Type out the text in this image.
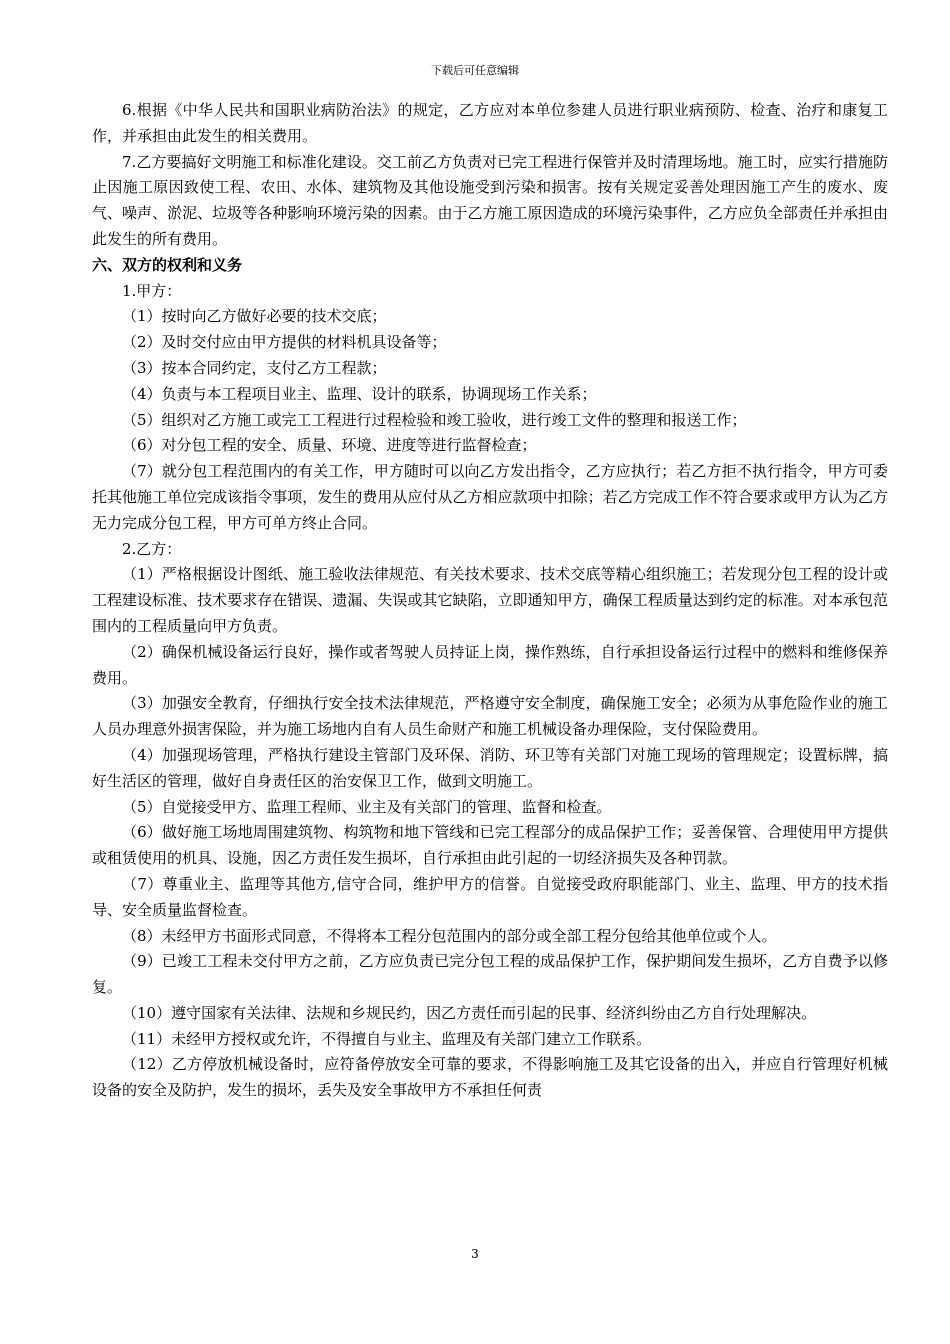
下载后可任意编辑

6.根据《中华人民共和国职业病防治法》的规定，乙方应对本单位参建人员进行职业病预防、检查、治疗和康复工作，并承担由此发生的相关费用。

7.乙方要搞好文明施工和标准化建设。交工前乙方负责对已完工程进行保管并及时清理场地。施工时，应实行措施防止因施工原因致使工程、农田、水体、建筑物及其他设施受到污染和损害。按有关规定妥善处理因施工产生的废水、废气、噪声、淤泥、垃圾等各种影响环境污染的因素。由于乙方施工原因造成的环境污染事件，乙方应负全部责任并承担由此发生的所有费用。

六、双方的权利和义务

1.甲方：

（1）按时向乙方做好必要的技术交底；

（2）及时交付应由甲方提供的材料机具设备等；

（3）按本合同约定，支付乙方工程款；

（4）负责与本工程项目业主、监理、设计的联系，协调现场工作关系；

（5）组织对乙方施工或完工工程进行过程检验和竣工验收，进行竣工文件的整理和报送工作；

（6）对分包工程的安全、质量、环境、进度等进行监督检查；

（7）就分包工程范围内的有关工作，甲方随时可以向乙方发出指令，乙方应执行；若乙方拒不执行指令，甲方可委托其他施工单位完成该指令事项，发生的费用从应付从乙方相应款项中扣除；若乙方完成工作不符合要求或甲方认为乙方无力完成分包工程，甲方可单方终止合同。

2.乙方：

（1）严格根据设计图纸、施工验收法律规范、有关技术要求、技术交底等精心组织施工；若发现分包工程的设计或工程建设标准、技术要求存在错误、遗漏、失误或其它缺陷，立即通知甲方，确保工程质量达到约定的标准。对本承包范围内的工程质量向甲方负责。

（2）确保机械设备运行良好，操作或者驾驶人员持证上岗，操作熟练，自行承担设备运行过程中的燃料和维修保养费用。

（3）加强安全教育，仔细执行安全技术法律规范，严格遵守安全制度，确保施工安全；必须为从事危险作业的施工人员办理意外损害保险，并为施工场地内自有人员生命财产和施工机械设备办理保险，支付保险费用。

（4）加强现场管理，严格执行建设主管部门及环保、消防、环卫等有关部门对施工现场的管理规定；设置标牌，搞好生活区的管理，做好自身责任区的治安保卫工作，做到文明施工。

（5）自觉接受甲方、监理工程师、业主及有关部门的管理、监督和检查。

（6）做好施工场地周围建筑物、构筑物和地下管线和已完工程部分的成品保护工作；妥善保管、合理使用甲方提供或租赁使用的机具、设施，因乙方责任发生损坏，自行承担由此引起的一切经济损失及各种罚款。

（7）尊重业主、监理等其他方,信守合同，维护甲方的信誉。自觉接受政府职能部门、业主、监理、甲方的技术指导、安全质量监督检查。

（8）未经甲方书面形式同意，不得将本工程分包范围内的部分或全部工程分包给其他单位或个人。

（9）已竣工工程未交付甲方之前，乙方应负责已完分包工程的成品保护工作，保护期间发生损坏，乙方自费予以修复。

（10）遵守国家有关法律、法规和乡规民约，因乙方责任而引起的民事、经济纠纷由乙方自行处理解决。

（11）未经甲方授权或允许，不得擅自与业主、监理及有关部门建立工作联系。

（12）乙方停放机械设备时，应符备停放安全可靠的要求，不得影响施工及其它设备的出入，并应自行管理好机械设备的安全及防护，发生的损坏，丢失及安全事故甲方不承担任何责

3
